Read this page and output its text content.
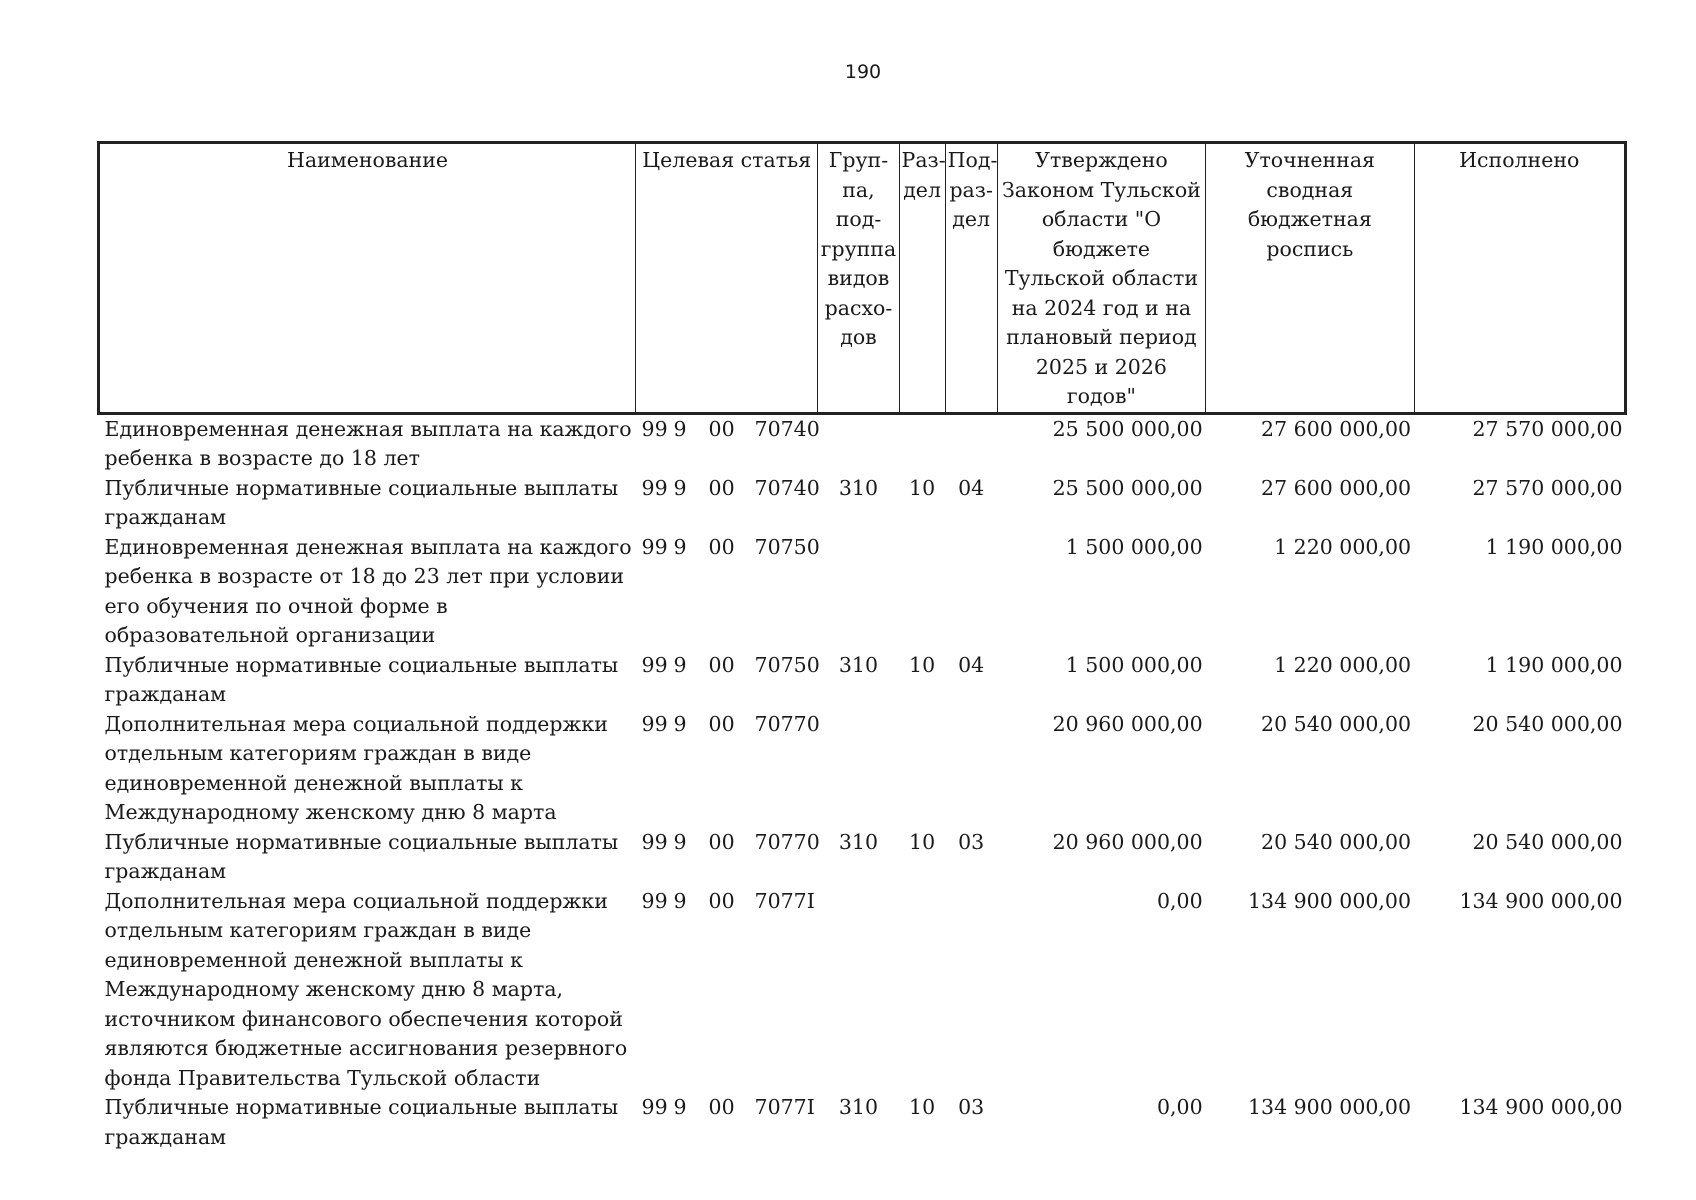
190
Наименование	Целевая статья	Груп-па, под-группа видов расхо-дов	Раз-дел	Под-раз-дел	Утверждено Законом Тульской области "О бюджете Тульской области на 2024 год и на плановый период 2025 и 2026 годов"	Уточненная сводная бюджетная роспись	Исполнено
Единовременная денежная выплата на каждого ребенка в возрасте до 18 лет	99 9 00 70740				25 500 000,00	27 600 000,00	27 570 000,00
Публичные нормативные социальные выплаты гражданам	99 9 00 70740	310	10	04	25 500 000,00	27 600 000,00	27 570 000,00
Единовременная денежная выплата на каждого ребенка в возрасте от 18 до 23 лет при условии его обучения по очной форме в образовательной организации	99 9 00 70750				1 500 000,00	1 220 000,00	1 190 000,00
Публичные нормативные социальные выплаты гражданам	99 9 00 70750	310	10	04	1 500 000,00	1 220 000,00	1 190 000,00
Дополнительная мера социальной поддержки отдельным категориям граждан в виде единовременной денежной выплаты к Международному женскому дню 8 марта	99 9 00 70770				20 960 000,00	20 540 000,00	20 540 000,00
Публичные нормативные социальные выплаты гражданам	99 9 00 70770	310	10	03	20 960 000,00	20 540 000,00	20 540 000,00
Дополнительная мера социальной поддержки отдельным категориям граждан в виде единовременной денежной выплаты к Международному женскому дню 8 марта, источником финансового обеспечения которой являются бюджетные ассигнования резервного фонда Правительства Тульской области	99 9 00 7077I				0,00	134 900 000,00	134 900 000,00
Публичные нормативные социальные выплаты гражданам	99 9 00 7077I	310	10	03	0,00	134 900 000,00	134 900 000,00
